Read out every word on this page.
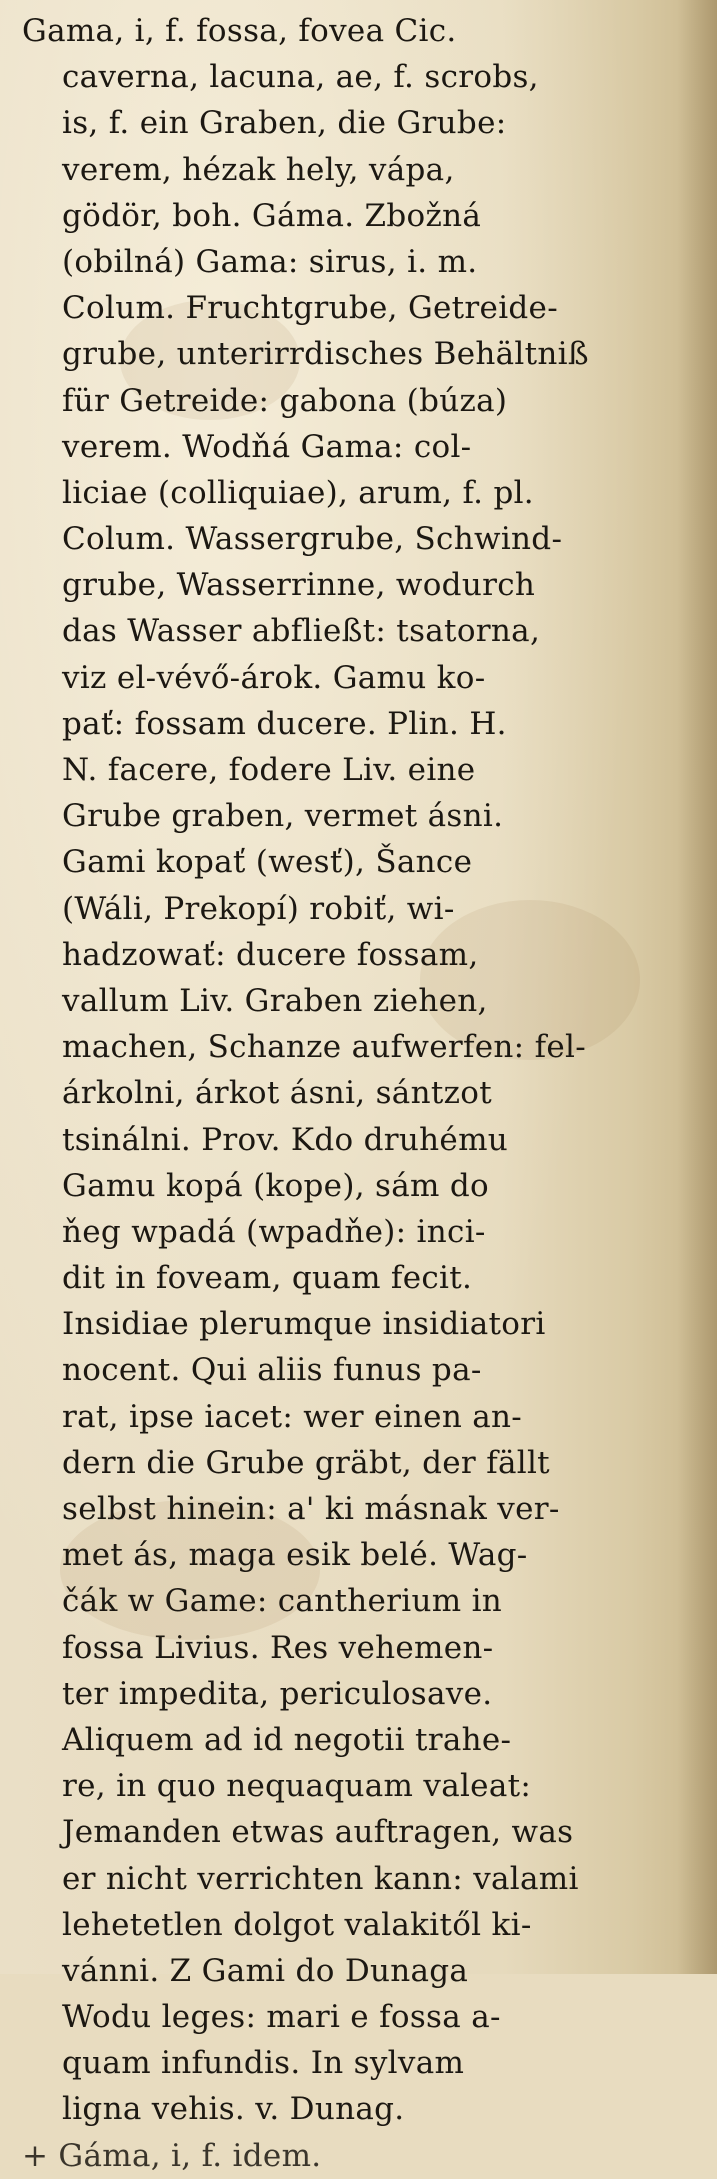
Gama, i, f. fossa, fovea Cic.
caverna, lacuna, ae, f. scrobs,
is, f. ein Graben, die Grube:
verem, hézak hely, vápa,
gödör, boh. Gáma. Zbožná
(obilná) Gama: sirus, i. m.
Colum. Fruchtgrube, Getreide-
grube, unterirrdisches Behältniß
für Getreide: gabona (búza)
verem. Wodňá Gama: col-
liciae (colliquiae), arum, f. pl.
Colum. Wassergrube, Schwind-
grube, Wasserrinne, wodurch
das Wasser abfließt: tsatorna,
viz el-vévő-árok. Gamu ko-
pať: fossam ducere. Plin. H.
N. facere, fodere Liv. eine
Grube graben, vermet ásni.
Gami kopať (wesť), Šance
(Wáli, Prekopí) robiť, wi-
hadzowať: ducere fossam,
vallum Liv. Graben ziehen,
machen, Schanze aufwerfen: fel-
árkolni, árkot ásni, sántzot
tsinálni. Prov. Kdo druhému
Gamu kopá (kope), sám do
ňeg wpadá (wpadňe): inci-
dit in foveam, quam fecit.
Insidiae plerumque insidiatori
nocent. Qui aliis funus pa-
rat, ipse iacet: wer einen an-
dern die Grube gräbt, der fällt
selbst hinein: a' ki másnak ver-
met ás, maga esik belé. Wag-
čák w Game: cantherium in
fossa Livius. Res vehemen-
ter impedita, periculosave.
Aliquem ad id negotii trahe-
re, in quo nequaquam valeat:
Jemanden etwas auftragen, was
er nicht verrichten kann: valami
lehetetlen dolgot valakitől ki-
vánni. Z Gami do Dunaga
Wodu leges: mari e fossa a-
quam infundis. In sylvam
ligna vehis. v. Dunag.
+ Gáma, i, f. idem.
